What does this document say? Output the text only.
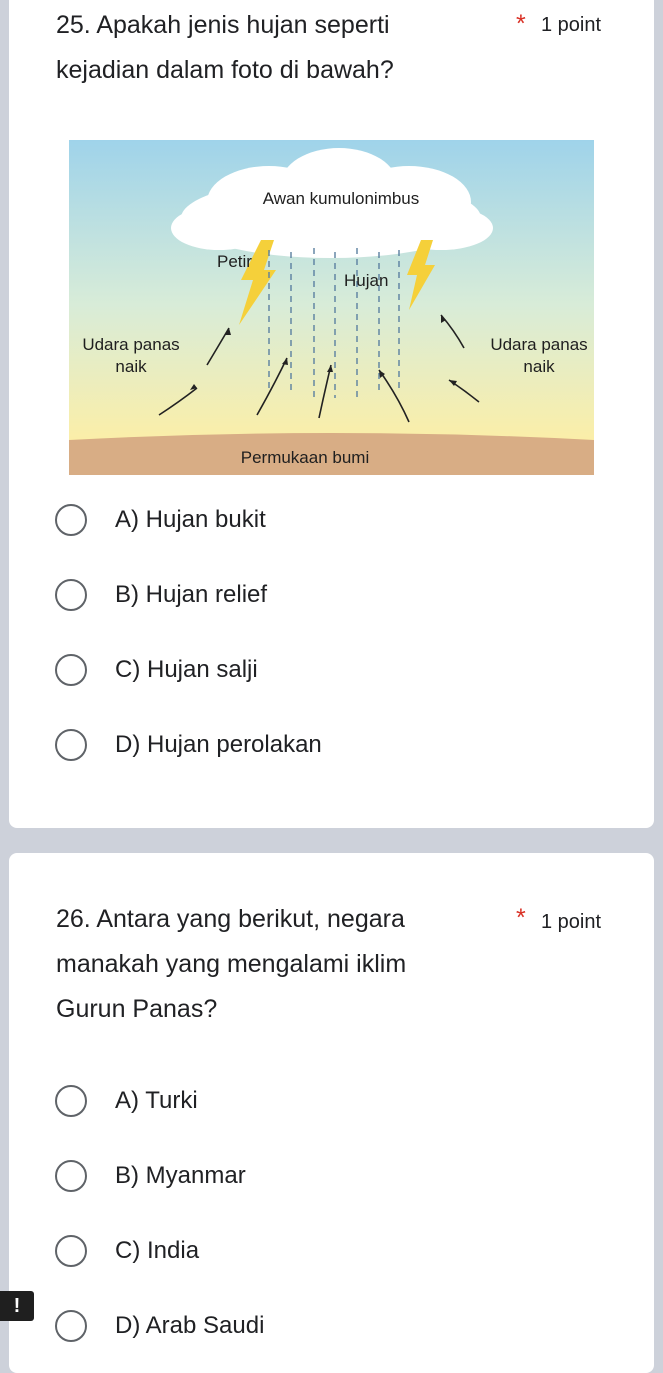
25. Apakah jenis hujan seperti kejadian dalam foto di bawah?
* 1 point
Awan kumulonimbus
Petir
Hujan
Udara panas
naik
Udara panas
naik
Permukaan bumi
A) Hujan bukit
B) Hujan relief
C) Hujan salji
D) Hujan perolakan
26. Antara yang berikut, negara manakah yang mengalami iklim Gurun Panas?
* 1 point
A) Turki
B) Myanmar
C) India
D) Arab Saudi
!
